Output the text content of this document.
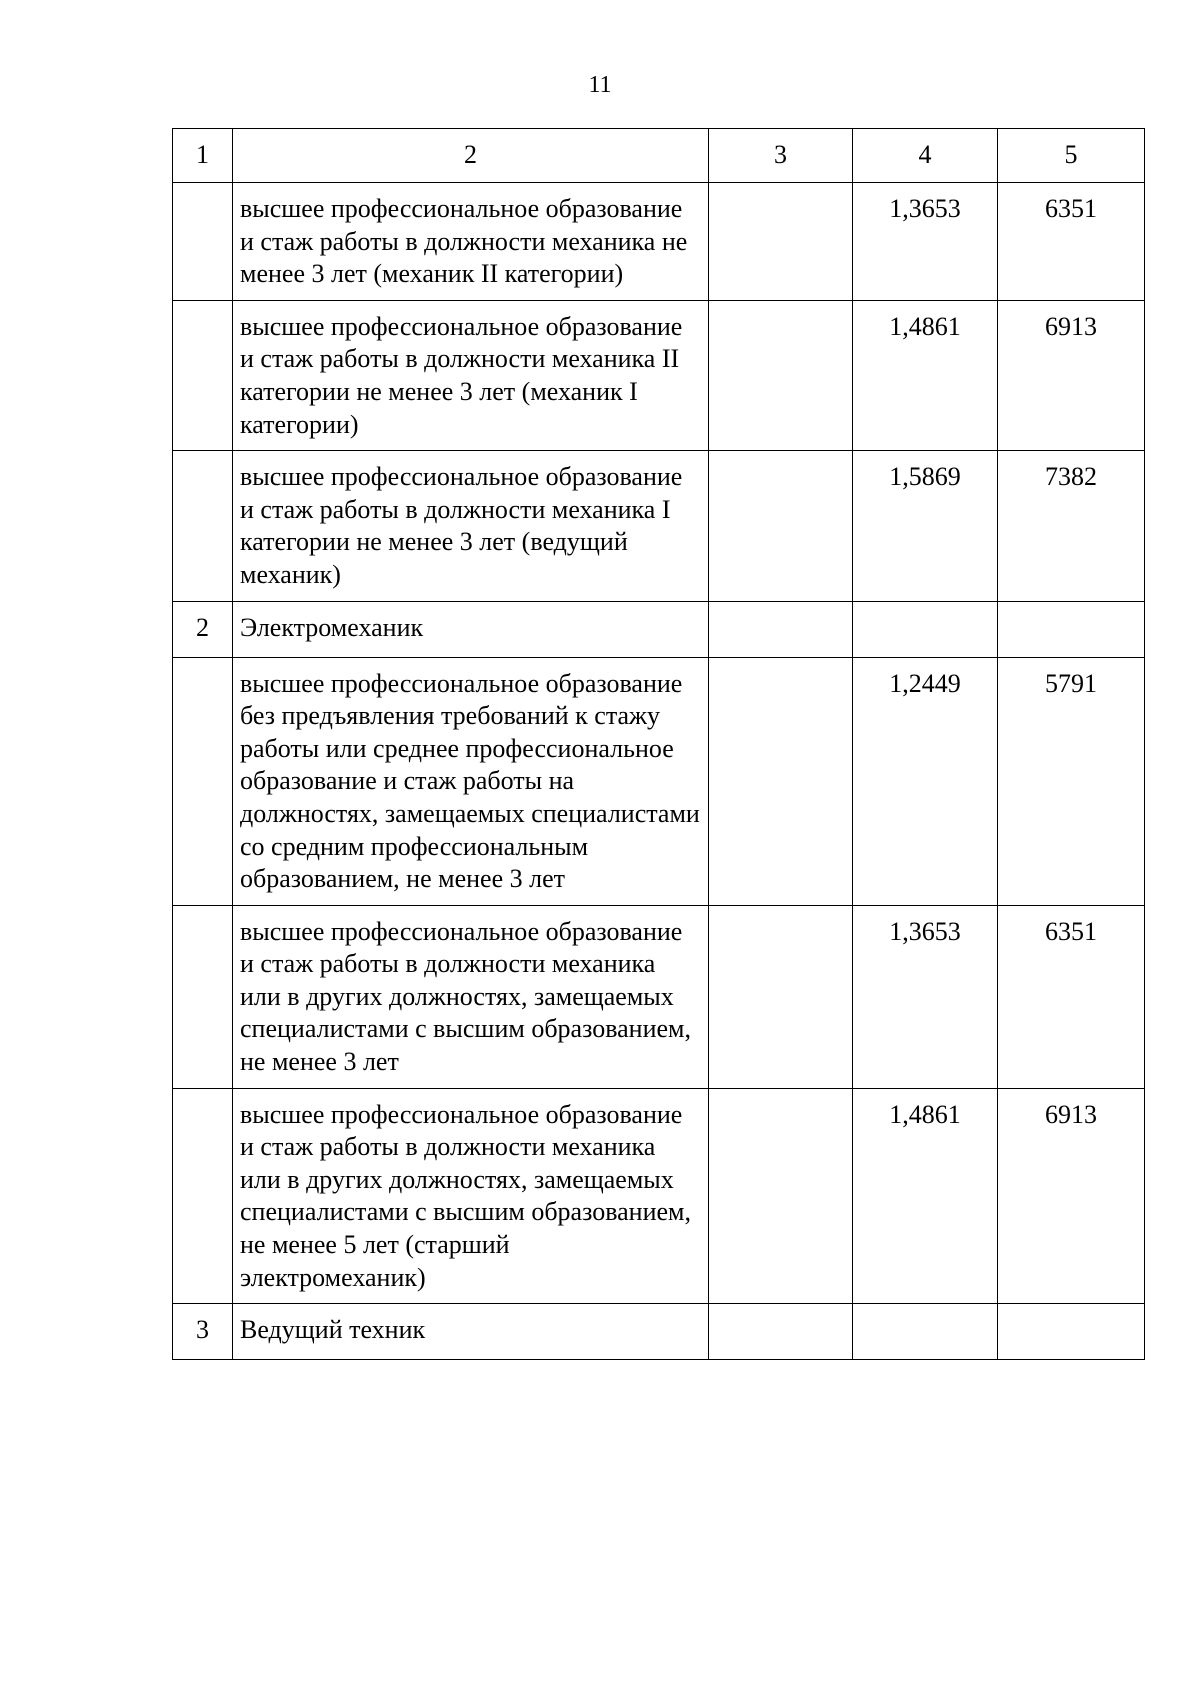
11
1	2	3	4	5
	высшее профессиональное образование и стаж работы в должности механика не менее 3 лет (механик II категории)		1,3653	6351
	высшее профессиональное образование и стаж работы в должности механика II категории не менее 3 лет (механик I категории)		1,4861	6913
	высшее профессиональное образование и стаж работы в должности механика I категории не менее 3 лет (ведущий механик)		1,5869	7382
2	Электромеханик			
	высшее профессиональное образование без предъявления требований к стажу работы или среднее профессиональное образование и стаж работы на должностях, замещаемых специалистами со средним профессиональным образованием, не менее 3 лет		1,2449	5791
	высшее профессиональное образование и стаж работы в должности механика или в других должностях, замещаемых специалистами с высшим образованием, не менее 3 лет		1,3653	6351
	высшее профессиональное образование и стаж работы в должности механика или в других должностях, замещаемых специалистами с высшим образованием, не менее 5 лет (старший электромеханик)		1,4861	6913
3	Ведущий техник			
